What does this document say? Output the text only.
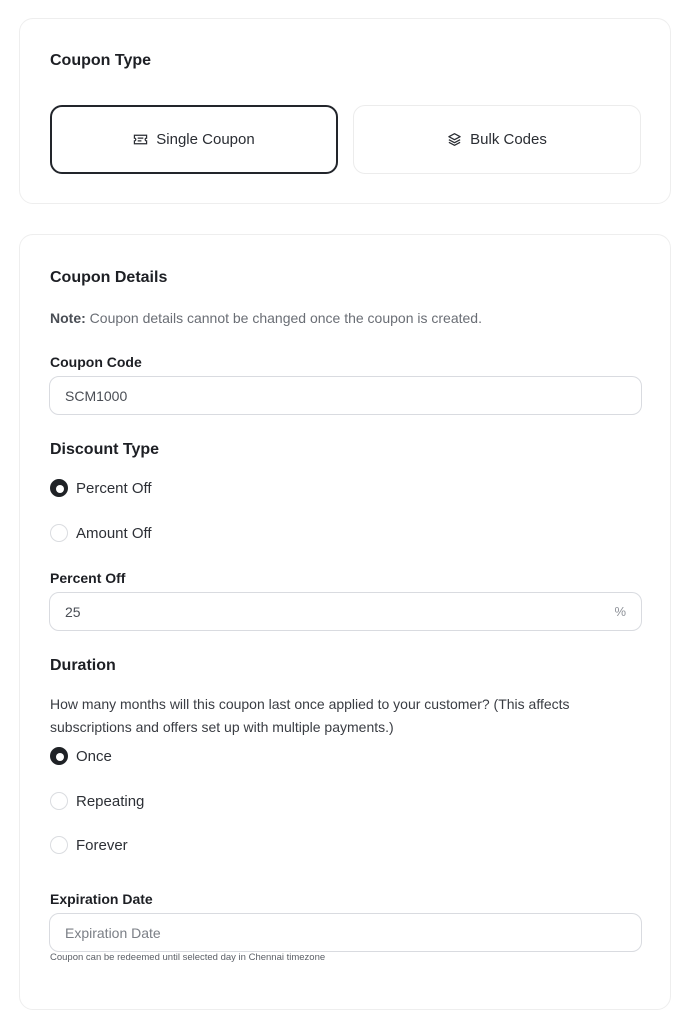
Coupon Type
Single Coupon	Bulk Codes
Coupon Details

Note: Coupon details cannot be changed once the coupon is created.

Coupon Code
SCM1000
Discount Type
Percent Off
Amount Off
Percent Off
25	%
Duration

How many months will this coupon last once applied to your customer? (This affects subscriptions and offers set up with multiple payments.)

Once
Repeating
Forever
Expiration Date
Expiration Date

Coupon can be redeemed until selected day in Chennai timezone
